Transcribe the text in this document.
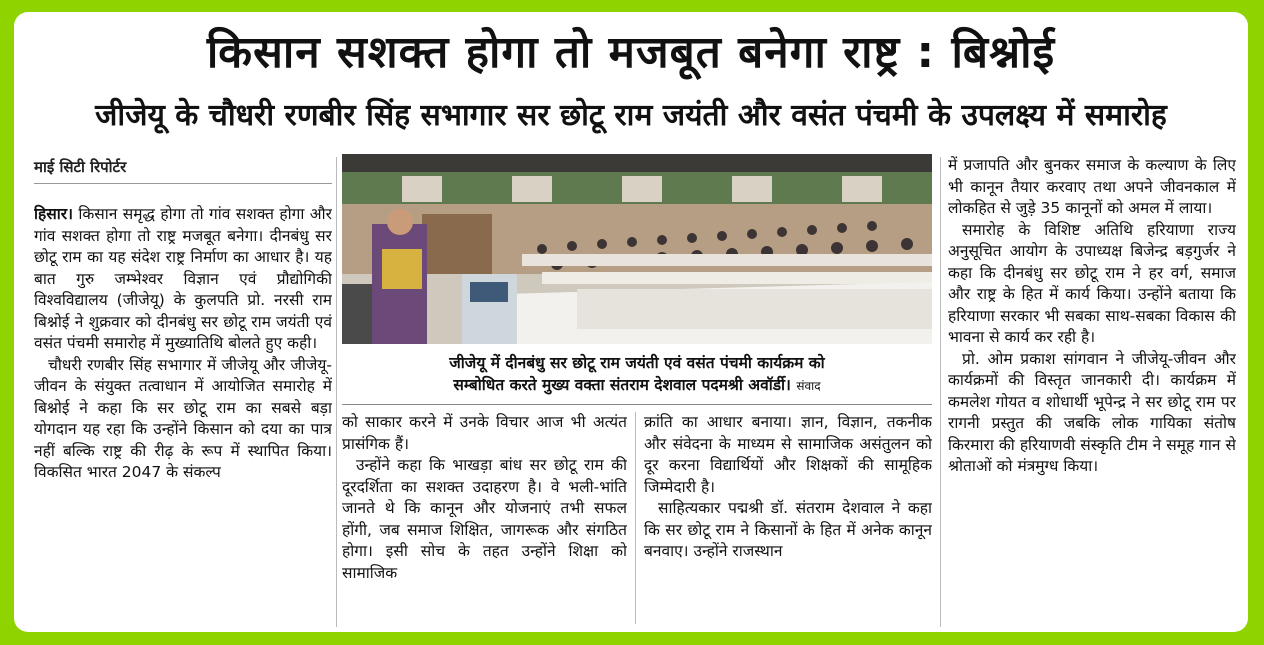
किसान सशक्त होगा तो मजबूत बनेगा राष्ट्र : बिश्नोई
जीजेयू के चौधरी रणबीर सिंह सभागार सर छोटू राम जयंती और वसंत पंचमी के उपलक्ष्य में समारोह
माई सिटी रिपोर्टर

हिसार। किसान समृद्ध होगा तो गांव सशक्त होगा और गांव सशक्त होगा तो राष्ट्र मजबूत बनेगा। दीनबंधु सर छोटू राम का यह संदेश राष्ट्र निर्माण का आधार है। यह बात गुरु जम्भेश्वर विज्ञान एवं प्रौद्योगिकी विश्वविद्यालय (जीजेयू) के कुलपति प्रो. नरसी राम बिश्नोई ने शुक्रवार को दीनबंधु सर छोटू राम जयंती एवं वसंत पंचमी समारोह में मुख्यातिथि बोलते हुए कही।

चौधरी रणबीर सिंह सभागार में जीजेयू और जीजेयू-जीवन के संयुक्त तत्वाधान में आयोजित समारोह में बिश्नोई ने कहा कि सर छोटू राम का सबसे बड़ा योगदान यह रहा कि उन्होंने किसान को दया का पात्र नहीं बल्कि राष्ट्र की रीढ़ के रूप में स्थापित किया। विकसित भारत 2047 के संकल्प

जीजेयू में दीनबंधु सर छोटू राम जयंती एवं वसंत पंचमी कार्यक्रम को
सम्बोधित करते मुख्य वक्ता संतराम देशवाल पदमश्री अवॉर्डी। संवाद

को साकार करने में उनके विचार आज भी अत्यंत प्रासंगिक हैं।

उन्होंने कहा कि भाखड़ा बांध सर छोटू राम की दूरदर्शिता का सशक्त उदाहरण है। वे भली-भांति जानते थे कि कानून और योजनाएं तभी सफल होंगी, जब समाज शिक्षित, जागरूक और संगठित होगा। इसी सोच के तहत उन्होंने शिक्षा को सामाजिक

क्रांति का आधार बनाया। ज्ञान, विज्ञान, तकनीक और संवेदना के माध्यम से सामाजिक असंतुलन को दूर करना विद्यार्थियों और शिक्षकों की सामूहिक जिम्मेदारी है।

साहित्यकार पद्मश्री डॉ. संतराम देशवाल ने कहा कि सर छोटू राम ने किसानों के हित में अनेक कानून बनवाए। उन्होंने राजस्थान

में प्रजापति और बुनकर समाज के कल्याण के लिए भी कानून तैयार करवाए तथा अपने जीवनकाल में लोकहित से जुड़े 35 कानूनों को अमल में लाया।

समारोह के विशिष्ट अतिथि हरियाणा राज्य अनुसूचित आयोग के उपाध्यक्ष बिजेन्द्र बड़गुर्जर ने कहा कि दीनबंधु सर छोटू राम ने हर वर्ग, समाज और राष्ट्र के हित में कार्य किया। उन्होंने बताया कि हरियाणा सरकार भी सबका साथ-सबका विकास की भावना से कार्य कर रही है।

प्रो. ओम प्रकाश सांगवान ने जीजेयू-जीवन और कार्यक्रमों की विस्तृत जानकारी दी। कार्यक्रम में कमलेश गोयत व शोधार्थी भूपेन्द्र ने सर छोटू राम पर रागनी प्रस्तुत की जबकि लोक गायिका संतोष किरमारा की हरियाणवी संस्कृति टीम ने समूह गान से श्रोताओं को मंत्रमुग्ध किया।
